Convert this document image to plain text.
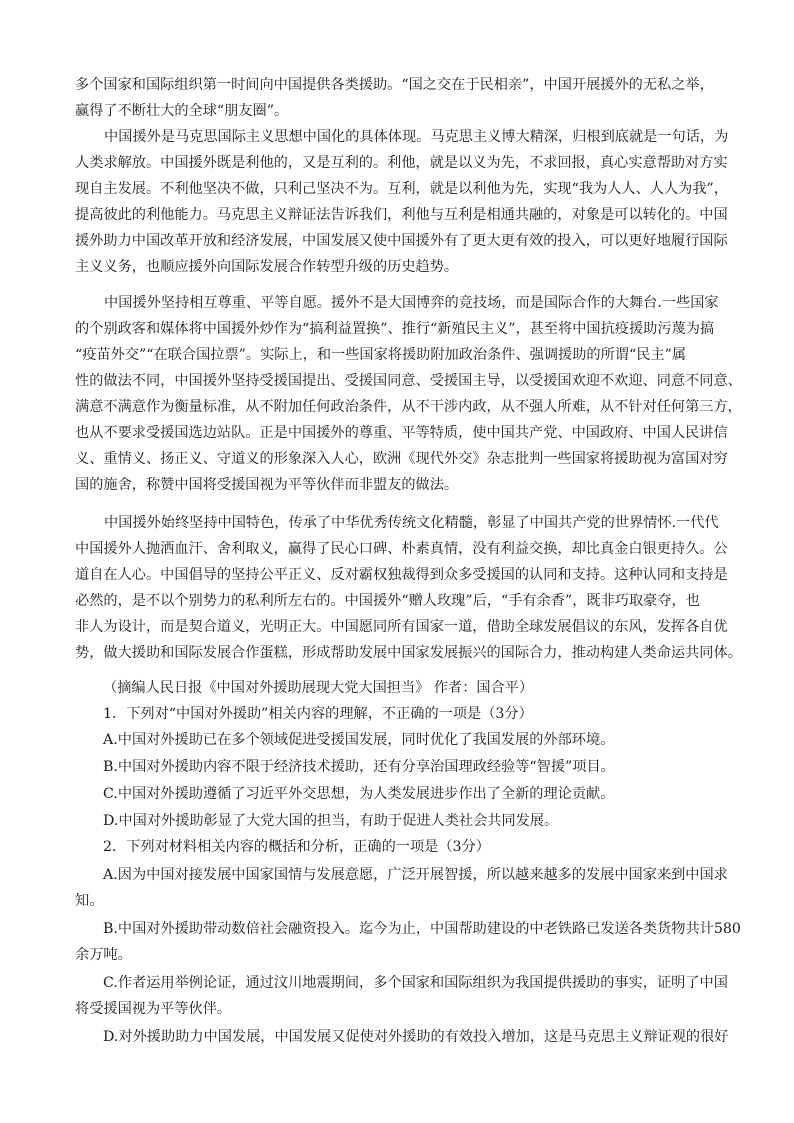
多个国家和国际组织第一时间向中国提供各类援助。“国之交在于民相亲”，中国开展援外的无私之举，
赢得了不断壮大的全球“朋友圈”。
中国援外是马克思国际主义思想中国化的具体体现。马克思主义博大精深，归根到底就是一句话，为
人类求解放。中国援外既是利他的，又是互利的。利他，就是以义为先，不求回报，真心实意帮助对方实
现自主发展。不利他坚决不做，只利己坚决不为。互利，就是以利他为先，实现“我为人人、人人为我”，
提高彼此的利他能力。马克思主义辩证法告诉我们，利他与互利是相通共融的，对象是可以转化的。中国
援外助力中国改革开放和经济发展，中国发展又使中国援外有了更大更有效的投入，可以更好地履行国际
主义义务，也顺应援外向国际发展合作转型升级的历史趋势。
中国援外坚持相互尊重、平等自愿。援外不是大国博弈的竞技场，而是国际合作的大舞台.一些国家
的个别政客和媒体将中国援外炒作为“搞利益置换”、推行“新殖民主义”，甚至将中国抗疫援助污蔑为搞
“疫苗外交”“在联合国拉票”。实际上，和一些国家将援助附加政治条件、强调援助的所谓“民主”属
性的做法不同，中国援外坚持受援国提出、受援国同意、受援国主导，以受援国欢迎不欢迎、同意不同意、
满意不满意作为衡量标准，从不附加任何政治条件，从不干涉内政，从不强人所难，从不针对任何第三方，
也从不要求受援国选边站队。正是中国援外的尊重、平等特质，使中国共产党、中国政府、中国人民讲信
义、重情义、扬正义、守道义的形象深入人心，欧洲《现代外交》杂志批判一些国家将援助视为富国对穷
国的施舍，称赞中国将受援国视为平等伙伴而非盟友的做法。
中国援外始终坚持中国特色，传承了中华优秀传统文化精髓，彰显了中国共产党的世界情怀.一代代
中国援外人抛洒血汗、舍利取义，赢得了民心口碑、朴素真情，没有利益交换，却比真金白银更持久。公
道自在人心。中国倡导的坚持公平正义、反对霸权独裁得到众多受援国的认同和支持。这种认同和支持是
必然的，是不以个别势力的私利所左右的。中国援外“赠人玫瑰”后，“手有余香”，既非巧取豪夺，也
非人为设计，而是契合道义，光明正大。中国愿同所有国家一道，借助全球发展倡议的东风，发挥各自优
势，做大援助和国际发展合作蛋糕，形成帮助发展中国家发展振兴的国际合力，推动构建人类命运共同体。
（摘编人民日报《中国对外援助展现大党大国担当》 作者：国合平）
1．下列对“中国对外援助”相关内容的理解，不正确的一项是（3分）
A.中国对外援助已在多个领域促进受援国发展，同时优化了我国发展的外部环境。
B.中国对外援助内容不限于经济技术援助，还有分享治国理政经验等“智援”项目。
C.中国对外援助遵循了习近平外交思想，为人类发展进步作出了全新的理论贡献。
D.中国对外援助彰显了大党大国的担当，有助于促进人类社会共同发展。
2．下列对材料相关内容的概括和分析，正确的一项是（3分）
A.因为中国对接发展中国家国情与发展意愿，广泛开展智援，所以越来越多的发展中国家来到中国求
知。
B.中国对外援助带动数倍社会融资投入。迄今为止，中国帮助建设的中老铁路已发送各类货物共计580
余万吨。
C.作者运用举例论证，通过汶川地震期间，多个国家和国际组织为我国提供援助的事实，证明了中国
将受援国视为平等伙伴。
D.对外援助助力中国发展，中国发展又促使对外援助的有效投入增加，这是马克思主义辩证观的很好
